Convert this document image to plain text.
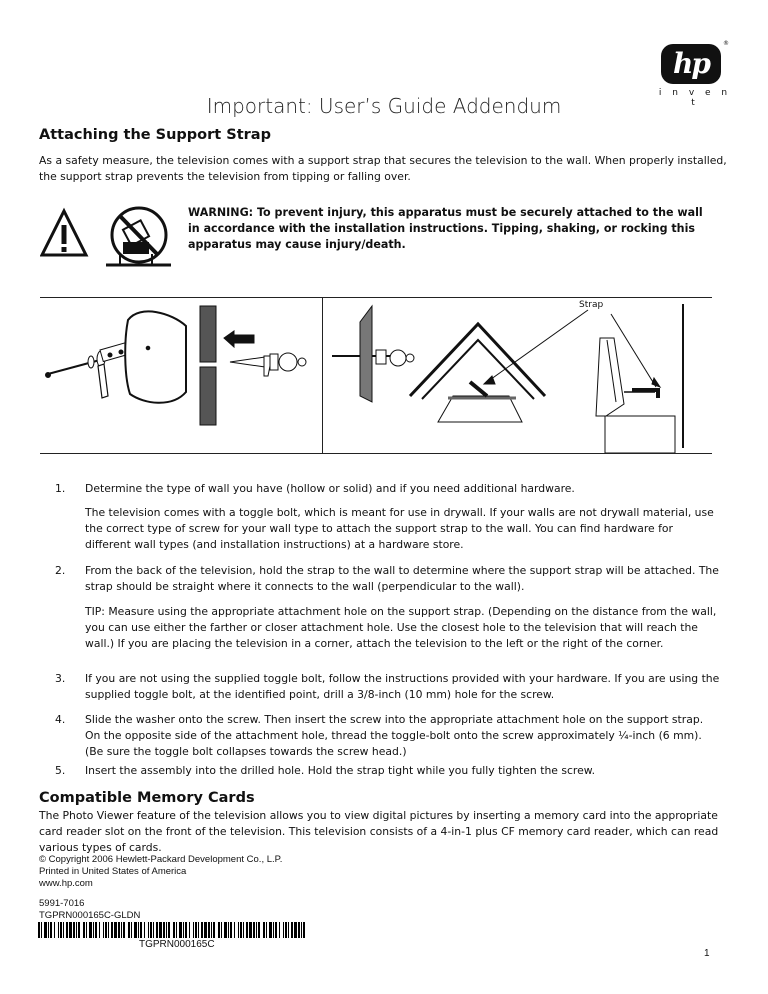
hp
®
i n v e n t
Important: User’s Guide Addendum
Attaching the Support Strap
As a safety measure, the television comes with a support strap that secures the television to the wall. When properly installed, the support strap prevents the television from tipping or falling over.
WARNING: To prevent injury, this apparatus must be securely attached to the wall in accordance with the installation instructions. Tipping, shaking, or rocking this apparatus may cause injury/death.
Strap
1. Determine the type of wall you have (hollow or solid) and if you need additional hardware.
The television comes with a toggle bolt, which is meant for use in drywall. If your walls are not drywall material, use the correct type of screw for your wall type to attach the support strap to the wall. You can find hardware for different wall types (and installation instructions) at a hardware store.
2. From the back of the television, hold the strap to the wall to determine where the support strap will be attached. The strap should be straight where it connects to the wall (perpendicular to the wall).
TIP: Measure using the appropriate attachment hole on the support strap. (Depending on the distance from the wall, you can use either the farther or closer attachment hole. Use the closest hole to the television that will reach the wall.) If you are placing the television in a corner, attach the television to the left or the right of the corner.
3. If you are not using the supplied toggle bolt, follow the instructions provided with your hardware. If you are using the supplied toggle bolt, at the identified point, drill a 3/8-inch (10 mm) hole for the screw.
4. Slide the washer onto the screw. Then insert the screw into the appropriate attachment hole on the support strap. On the opposite side of the attachment hole, thread the toggle-bolt onto the screw approximately ¼-inch (6 mm). (Be sure the toggle bolt collapses towards the screw head.)
5. Insert the assembly into the drilled hole. Hold the strap tight while you fully tighten the screw.
Compatible Memory Cards
The Photo Viewer feature of the television allows you to view digital pictures by inserting a memory card into the appropriate card reader slot on the front of the television. This television consists of a 4-in-1 plus CF memory card reader, which can read various types of cards.
© Copyright 2006 Hewlett-Packard Development Co., L.P.
Printed in United States of America
www.hp.com
5991-7016
TGPRN000165C-GLDN
TGPRN000165C
1
